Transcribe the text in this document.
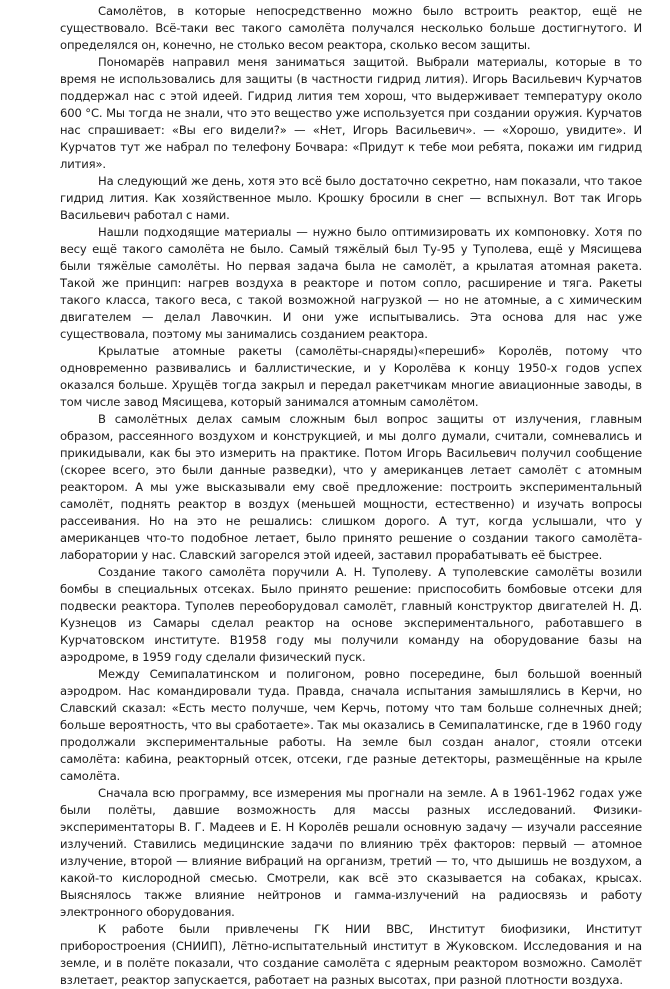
Самолётов, в которые непосредственно можно было встроить реактор, ещё не существовало. Всё-таки вес такого самолёта получался несколько больше достигнутого. И определялся он, конечно, не столько весом реактора, сколько весом защиты.

Пономарёв направил меня заниматься защитой. Выбрали материалы, которые в то время не использовались для защиты (в частности гидрид лития). Игорь Васильевич Курчатов поддержал нас с этой идеей. Гидрид лития тем хорош, что выдерживает температуру около 600 °С. Мы тогда не знали, что это вещество уже используется при создании оружия. Курчатов нас спрашивает: «Вы его видели?» — «Нет, Игорь Васильевич». — «Хорошо, увидите». И Курчатов тут же набрал по телефону Бочвара: «Придут к тебе мои ребята, покажи им гидрид лития».

На следующий же день, хотя это всё было достаточно секретно, нам показали, что такое гидрид лития. Как хозяйственное мыло. Крошку бросили в снег — вспыхнул. Вот так Игорь Васильевич работал с нами.

Нашли подходящие материалы — нужно было оптимизировать их компоновку. Хотя по весу ещё такого самолёта не было. Самый тяжёлый был Ту-95 у Туполева, ещё у Мясищева были тяжёлые самолёты. Но первая задача была не самолёт, а крылатая атомная ракета. Такой же принцип: нагрев воздуха в реакторе и потом сопло, расширение и тяга. Ракеты такого класса, такого веса, с такой возможной нагрузкой — но не атомные, а с химическим двигателем — делал Лавочкин. И они уже испытывались. Эта основа для нас уже существовала, поэтому мы занимались созданием реактора.

Крылатые атомные ракеты (самолёты-снаряды)«перешиб» Королёв, потому что одновременно развивались и баллистические, и у Королёва к концу 1950-х годов успех оказался больше. Хрущёв тогда закрыл и передал ракетчикам многие авиационные заводы, в том числе завод Мясищева, который занимался атомным самолётом.

В самолётных делах самым сложным был вопрос защиты от излучения, главным образом, рассеянного воздухом и конструкцией, и мы долго думали, считали, сомневались и прикидывали, как бы это измерить на практике. Потом Игорь Васильевич получил сообщение (скорее всего, это были данные разведки), что у американцев летает самолёт с атомным реактором. А мы уже высказывали ему своё предложение: построить экспериментальный самолёт, поднять реактор в воздух (меньшей мощности, естественно) и изучать вопросы рассеивания. Но на это не решались: слишком дорого. А тут, когда услышали, что у американцев что-то подобное летает, было принято решение о создании такого самолёта-лаборатории у нас. Славский загорелся этой идеей, заставил прорабатывать её быстрее.

Создание такого самолёта поручили А. Н. Туполеву. А туполевские самолёты возили бомбы в специальных отсеках. Было принято решение: приспособить бомбовые отсеки для подвески реактора. Туполев переоборудовал самолёт, главный конструктор двигателей Н. Д. Кузнецов из Самары сделал реактор на основе экспериментального, работавшего в Курчатовском институте. В1958 году мы получили команду на оборудование базы на аэродроме, в 1959 году сделали физический пуск.

Между Семипалатинском и полигоном, ровно посередине, был большой военный аэродром. Нас командировали туда. Правда, сначала испытания замышлялись в Керчи, но Славский сказал: «Есть место получше, чем Керчь, потому что там больше солнечных дней; больше вероятность, что вы сработаете». Так мы оказались в Семипалатинске, где в 1960 году продолжали экспериментальные работы. На земле был создан аналог, стояли отсеки самолёта: кабина, реакторный отсек, отсеки, где разные детекторы, размещённые на крыле самолёта.

Сначала всю программу, все измерения мы прогнали на земле. А в 1961-1962 годах уже были полёты, давшие возможность для массы разных исследований. Физики-экспериментаторы В. Г. Мадеев и Е. Н Королёв решали основную задачу — изучали рассеяние излучений. Ставились медицинские задачи по влиянию трёх факторов: первый — атомное излучение, второй — влияние вибраций на организм, третий — то, что дышишь не воздухом, а какой-то кислородной смесью. Смотрели, как всё это сказывается на собаках, крысах. Выяснялось также влияние нейтронов и гамма-излучений на радиосвязь и работу электронного оборудования.

К работе были привлечены ГК НИИ ВВС, Институт биофизики, Институт приборостроения (СНИИП), Лётно-испытательный институт в Жуковском. Исследования и на земле, и в полёте показали, что создание самолёта с ядерным реактором возможно. Самолёт взлетает, реактор запускается, работает на разных высотах, при разной плотности воздуха.
